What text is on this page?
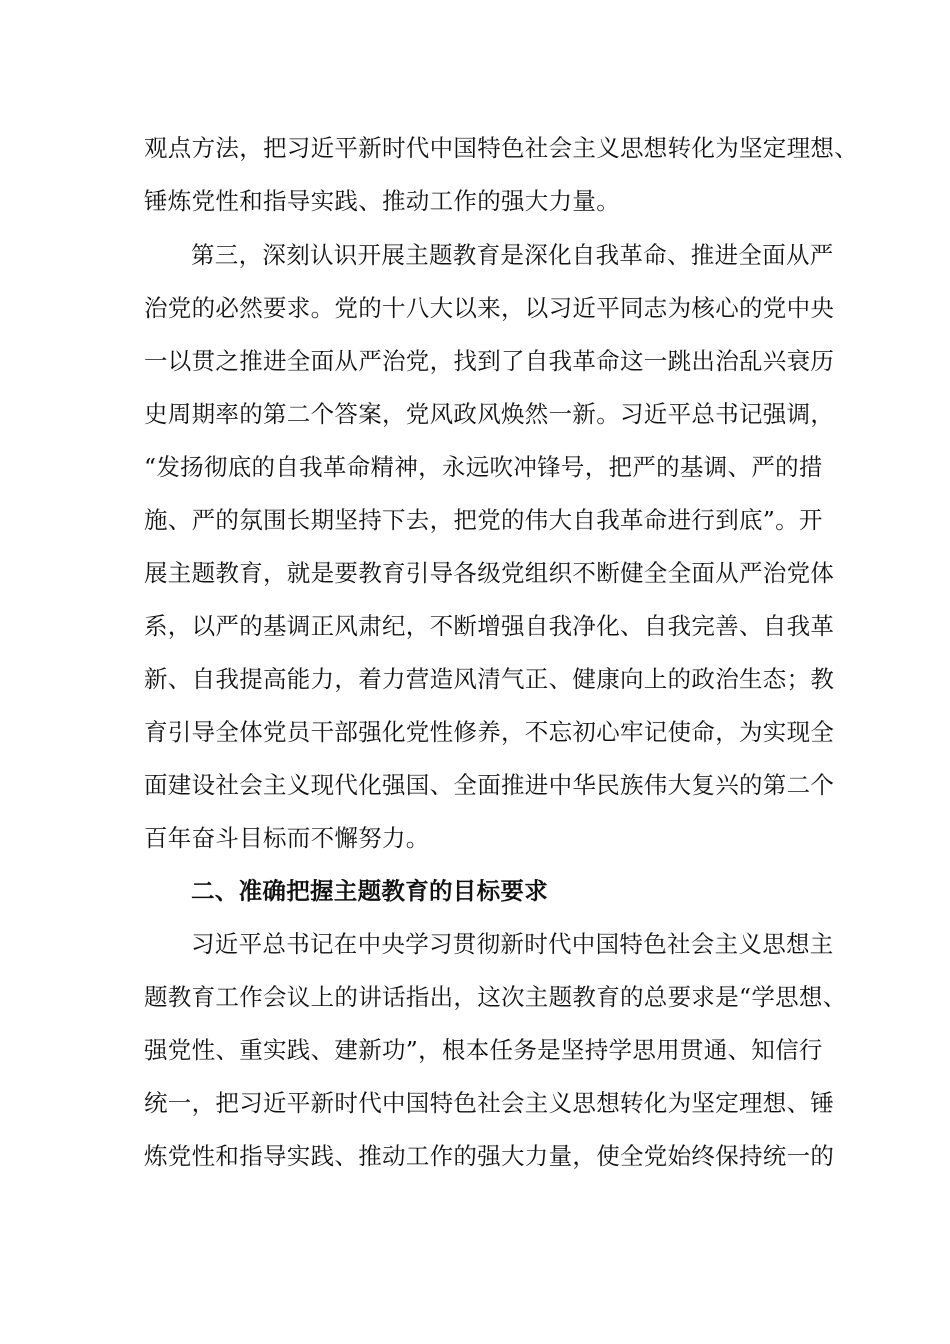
观点方法，把习近平新时代中国特色社会主义思想转化为坚定理想、
锤炼党性和指导实践、推动工作的强大力量。
第三，深刻认识开展主题教育是深化自我革命、推进全面从严
治党的必然要求。党的十八大以来，以习近平同志为核心的党中央
一以贯之推进全面从严治党，找到了自我革命这一跳出治乱兴衰历
史周期率的第二个答案，党风政风焕然一新。习近平总书记强调，
“发扬彻底的自我革命精神，永远吹冲锋号，把严的基调、严的措
施、严的氛围长期坚持下去，把党的伟大自我革命进行到底”。开
展主题教育，就是要教育引导各级党组织不断健全全面从严治党体
系，以严的基调正风肃纪，不断增强自我净化、自我完善、自我革
新、自我提高能力，着力营造风清气正、健康向上的政治生态；教
育引导全体党员干部强化党性修养，不忘初心牢记使命，为实现全
面建设社会主义现代化强国、全面推进中华民族伟大复兴的第二个
百年奋斗目标而不懈努力。
二、准确把握主题教育的目标要求
习近平总书记在中央学习贯彻新时代中国特色社会主义思想主
题教育工作会议上的讲话指出，这次主题教育的总要求是“学思想、
强党性、重实践、建新功”，根本任务是坚持学思用贯通、知信行
统一，把习近平新时代中国特色社会主义思想转化为坚定理想、锤
炼党性和指导实践、推动工作的强大力量，使全党始终保持统一的
